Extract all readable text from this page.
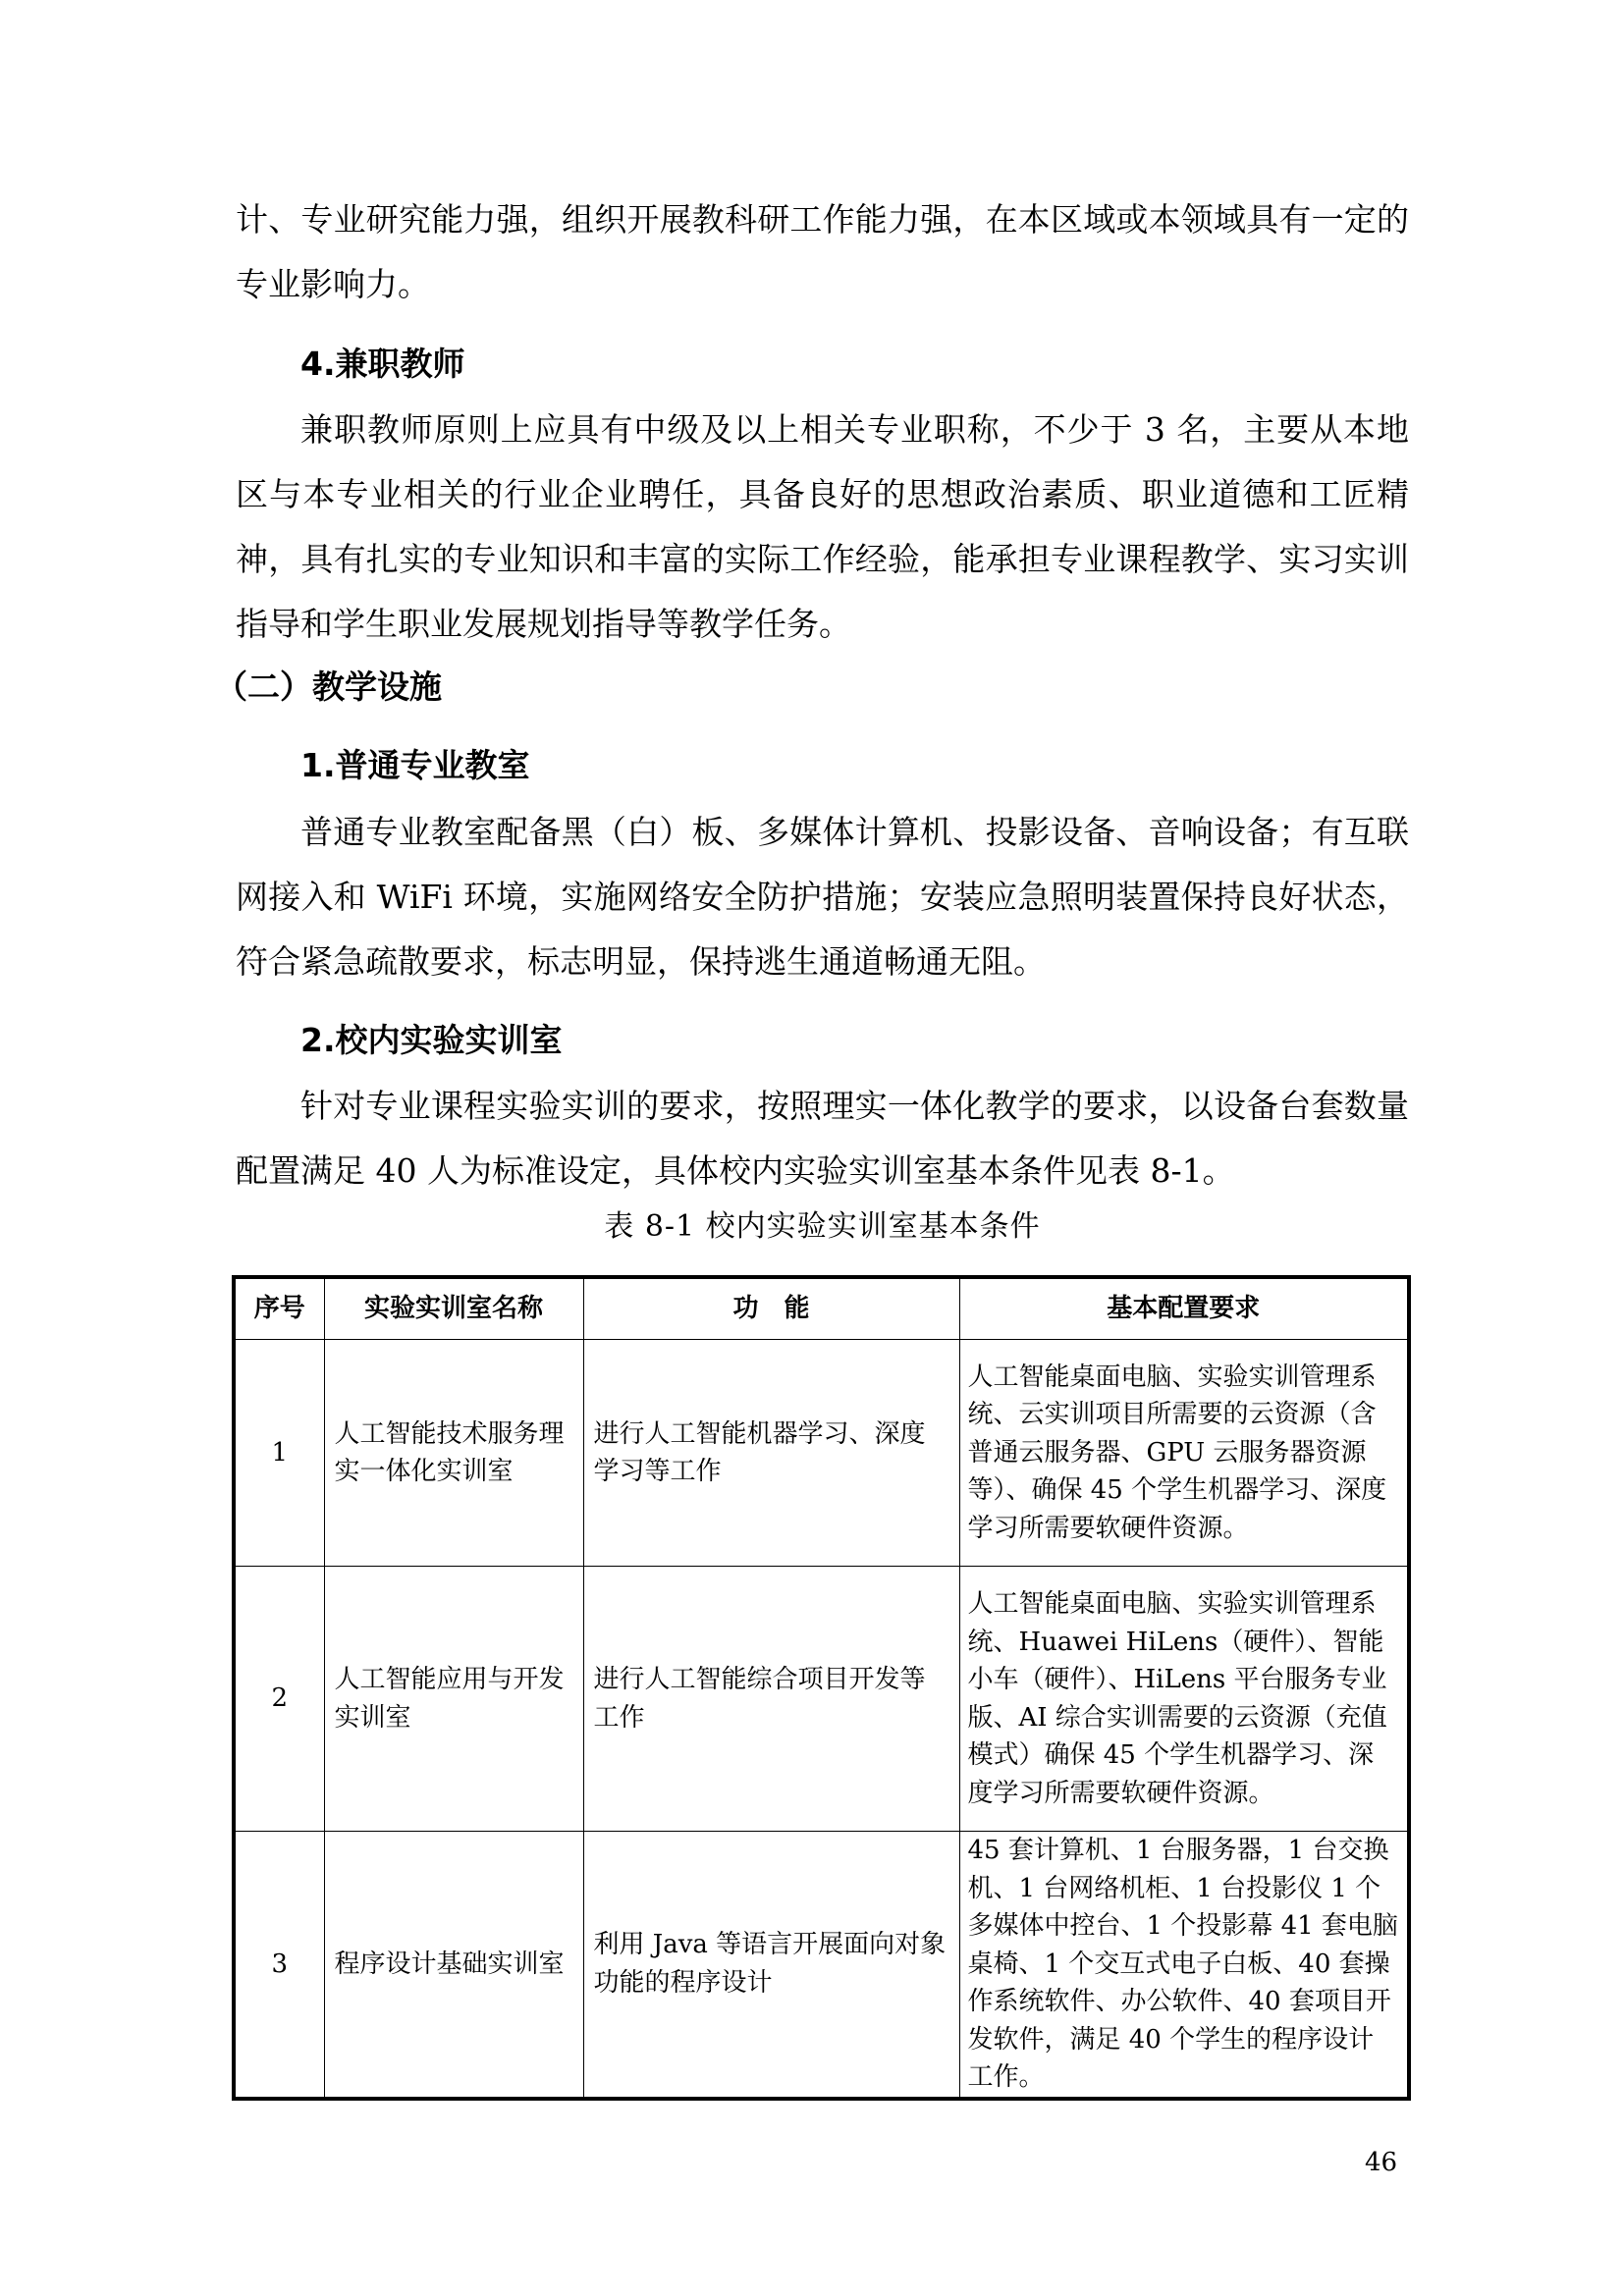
计、专业研究能力强，组织开展教科研工作能力强，在本区域或本领域具有一定的专业影响力。

4.兼职教师

兼职教师原则上应具有中级及以上相关专业职称，不少于 3 名，主要从本地区与本专业相关的行业企业聘任，具备良好的思想政治素质、职业道德和工匠精神，具有扎实的专业知识和丰富的实际工作经验，能承担专业课程教学、实习实训指导和学生职业发展规划指导等教学任务。

（二）教学设施
1.普通专业教室

普通专业教室配备黑（白）板、多媒体计算机、投影设备、音响设备；有互联网接入和 WiFi 环境，实施网络安全防护措施；安装应急照明装置保持良好状态，符合紧急疏散要求，标志明显，保持逃生通道畅通无阻。

2.校内实验实训室

针对专业课程实验实训的要求，按照理实一体化教学的要求，以设备台套数量配置满足 40 人为标准设定，具体校内实验实训室基本条件见表 8-1。

表 8-1 校内实验实训室基本条件

序号	实验实训室名称	功　能	基本配置要求
1	人工智能技术服务理实一体化实训室	进行人工智能机器学习、深度学习等工作	人工智能桌面电脑、实验实训管理系统、云实训项目所需要的云资源（含普通云服务器、GPU 云服务器资源等）、确保 45 个学生机器学习、深度学习所需要软硬件资源。
2	人工智能应用与开发实训室	进行人工智能综合项目开发等工作	人工智能桌面电脑、实验实训管理系统、Huawei HiLens（硬件）、智能小车（硬件）、HiLens 平台服务专业版、AI 综合实训需要的云资源（充值模式）确保 45 个学生机器学习、深度学习所需要软硬件资源。
3	程序设计基础实训室	利用 Java 等语言开展面向对象功能的程序设计	45 套计算机、1 台服务器，1 台交换机、1 台网络机柜、1 台投影仪 1 个多媒体中控台、1 个投影幕 41 套电脑桌椅、1 个交互式电子白板、40 套操作系统软件、办公软件、40 套项目开发软件，满足 40 个学生的程序设计工作。
46
